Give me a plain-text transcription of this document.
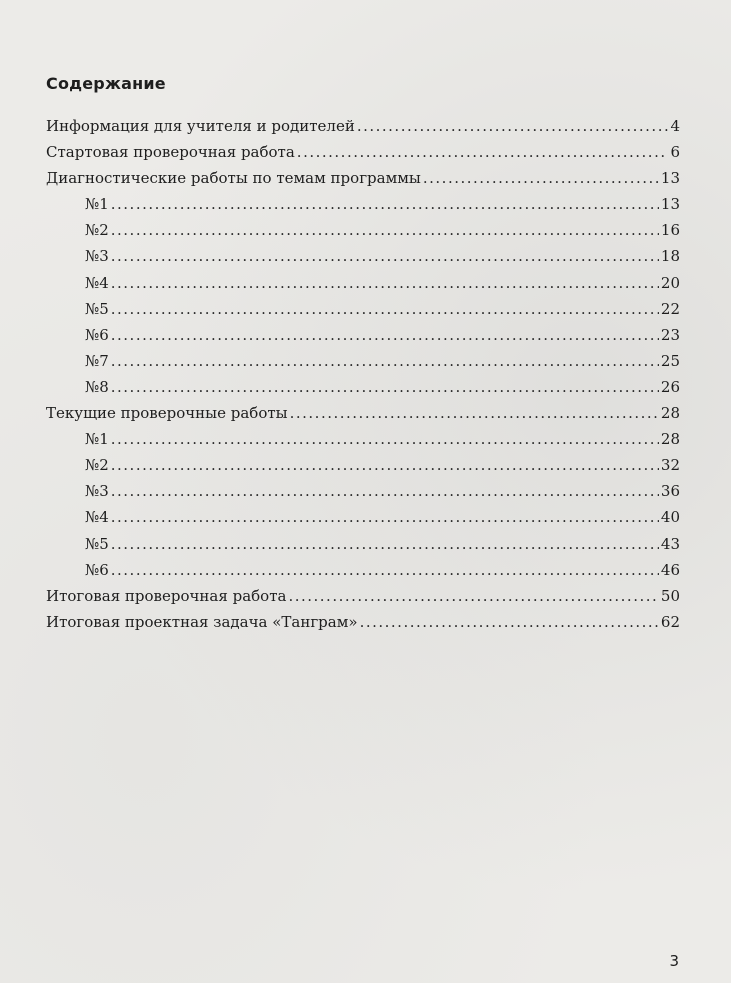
Содержание
Информация для учителя и родителей .....	4
Стартовая проверочная работа .....	6
Диагностические работы по темам программы .....	13
№1 .....	13
№2 .....	16
№3 .....	18
№4 .....	20
№5 .....	22
№6 .....	23
№7 .....	25
№8 .....	26
Текущие проверочные работы .....	28
№1 .....	28
№2 .....	32
№3 .....	36
№4 .....	40
№5 .....	43
№6 .....	46
Итоговая проверочная работа .....	50
Итоговая проектная задача «Танграм» .....	62
3
